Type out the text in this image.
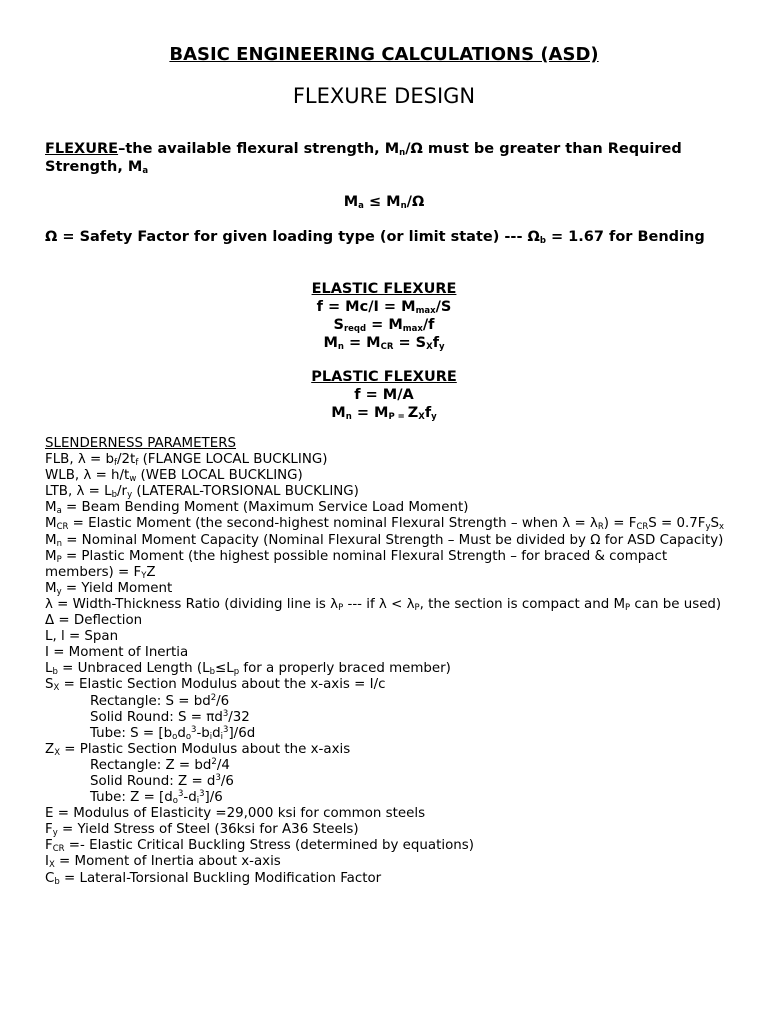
BASIC ENGINEERING CALCULATIONS (ASD)
FLEXURE DESIGN
FLEXURE–the available flexural strength, $M_n/\Omega$ must be greater than Required Strength, $M_a$
$M_a \le M_n/\Omega$
Ω = Safety Factor for given loading type (or limit state) --- $\Omega_b = 1.67$ for Bending
ELASTIC FLEXURE
$f = Mc/I = M_{max}/S$
$S_{reqd} = M_{max}/f$
$M_n = M_{CR} = S_Xf_y$
PLASTIC FLEXURE
f = M/A
$M_n = M_{P =}$ $Z_Xf_y$
SLENDERNESS PARAMETERS
FLB, $\lambda = b_f/2t_f$ (FLANGE LOCAL BUCKLING)
WLB, $\lambda = h/t_w$ (WEB LOCAL BUCKLING)
LTB, $\lambda = L_b/r_y$ (LATERAL-TORSIONAL BUCKLING)
$M_a$ = Beam Bending Moment (Maximum Service Load Moment)
$M_{CR}$ = Elastic Moment (the second-highest nominal Flexural Strength – when $\lambda = \lambda_R) = F_{CR}S = 0.7F_yS_x$
$M_n$ = Nominal Moment Capacity (Nominal Flexural Strength – Must be divided by Ω for ASD Capacity)
$M_P$ = Plastic Moment (the highest possible nominal Flexural Strength – for braced & compact members) = $F_YZ$
$M_y$ = Yield Moment
λ = Width-Thickness Ratio (dividing line is $\lambda_P$ --- if $\lambda < \lambda_P$, the section is compact and $M_P$ can be used)
Δ = Deflection
L, l = Span
I = Moment of Inertia
$L_b$ = Unbraced Length ($L_b\le L_p$ for a properly braced member)
$S_X$ = Elastic Section Modulus about the x-axis = I/c
Rectangle: $S = bd^2/6$
Solid Round: $S = \pi d^3/32$
Tube: $S = [b_od_o^3-b_id_i^3]/6d$
$Z_X$ = Plastic Section Modulus about the x-axis
Rectangle: $Z = bd^2/4$
Solid Round: $Z = d^3/6$
Tube: $Z = [d_o^3-d_i^3]/6$
E = Modulus of Elasticity =29,000 ksi for common steels
$F_y$ = Yield Stress of Steel (36ksi for A36 Steels)
$F_{CR}$ =- Elastic Critical Buckling Stress (determined by equations)
$I_X$ = Moment of Inertia about x-axis
$C_b$ = Lateral-Torsional Buckling Modification Factor
